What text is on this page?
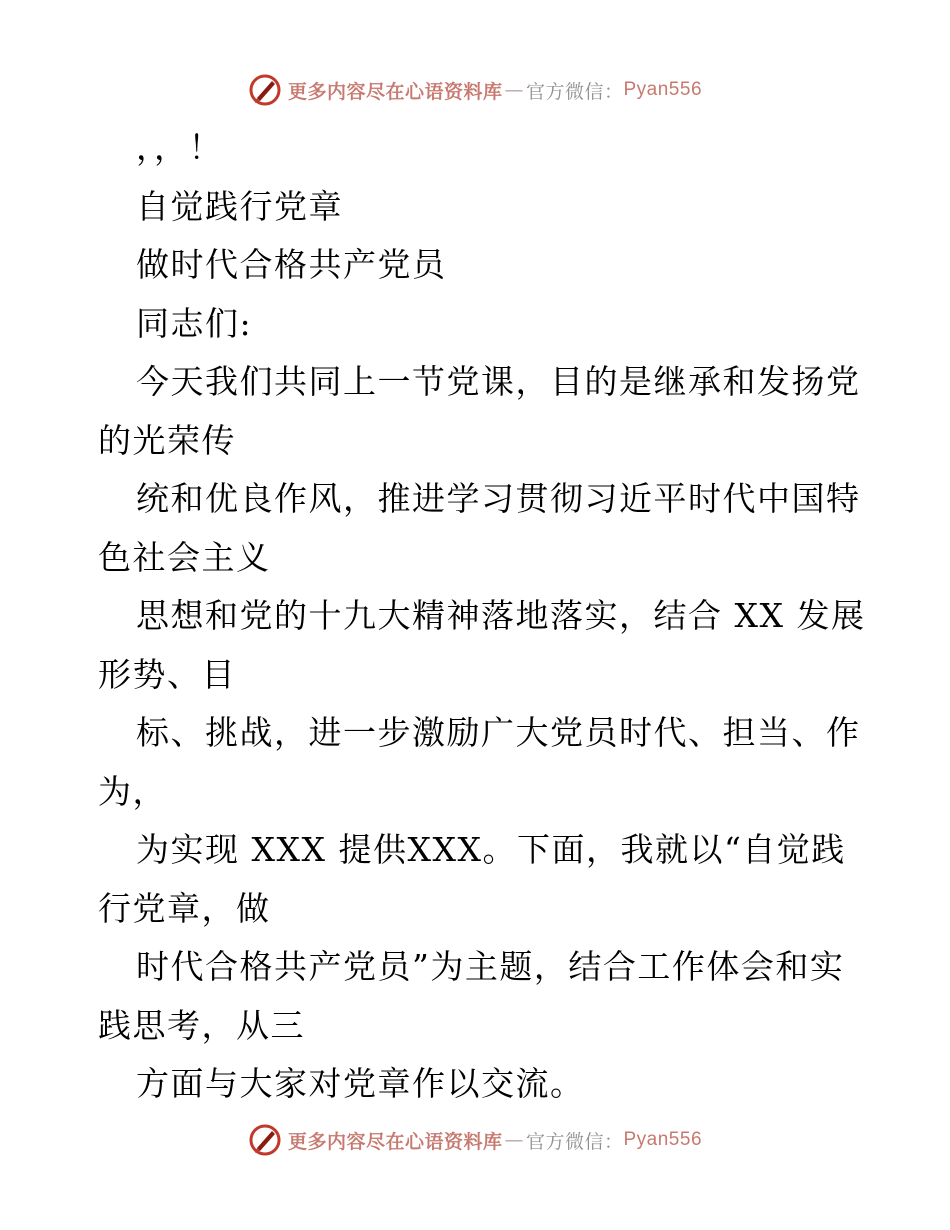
更多内容尽在心语资料库 — 官方微信： Pyan556
，，！
自觉践行党章
做时代合格共产党员
同志们:
今天我们共同上一节党课，目的是继承和发扬党
的光荣传
统和优良作风，推进学习贯彻习近平时代中国特
色社会主义
思想和党的十九大精神落地落实，结合 XX 发展
形势、目
标、挑战，进一步激励广大党员时代、担当、作
为，
为实现 XXX 提供XXX。下面，我就以“自觉践
行党章，做
时代合格共产党员”为主题，结合工作体会和实
践思考，从三
方面与大家对党章作以交流。
更多内容尽在心语资料库 — 官方微信： Pyan556
